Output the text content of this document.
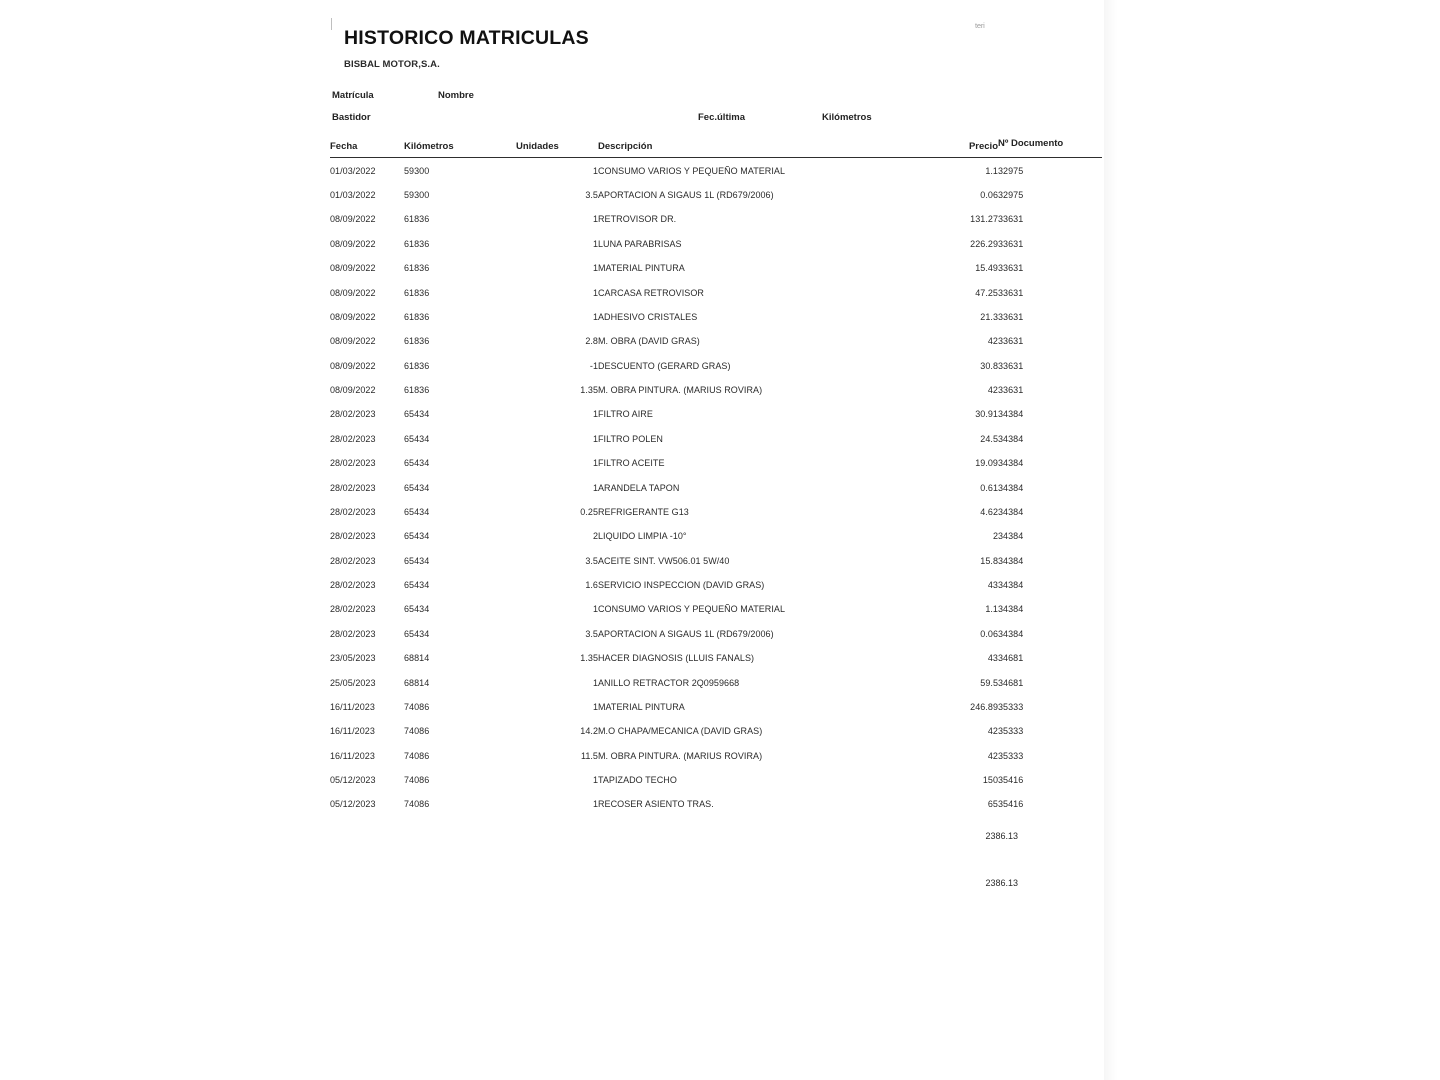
teri
HISTORICO MATRICULAS
BISBAL MOTOR,S.A.
Matrícula	Nombre
Bastidor	Fec.última	Kilómetros
Fecha	Kilómetros	Unidades	Descripción	Precio	Nº Documento
01/03/2022	59300	1	CONSUMO VARIOS Y PEQUEÑO MATERIAL	1.1	32975
01/03/2022	59300	3.5	APORTACION A SIGAUS 1L (RD679/2006)	0.06	32975
08/09/2022	61836	1	RETROVISOR DR.	131.27	33631
08/09/2022	61836	1	LUNA PARABRISAS	226.29	33631
08/09/2022	61836	1	MATERIAL PINTURA	15.49	33631
08/09/2022	61836	1	CARCASA RETROVISOR	47.25	33631
08/09/2022	61836	1	ADHESIVO CRISTALES	21.3	33631
08/09/2022	61836	2.8	M. OBRA (DAVID GRAS)	42	33631
08/09/2022	61836	-1	DESCUENTO (GERARD GRAS)	30.8	33631
08/09/2022	61836	1.35	M. OBRA PINTURA. (MARIUS ROVIRA)	42	33631
28/02/2023	65434	1	FILTRO AIRE	30.91	34384
28/02/2023	65434	1	FILTRO POLEN	24.5	34384
28/02/2023	65434	1	FILTRO ACEITE	19.09	34384
28/02/2023	65434	1	ARANDELA TAPON	0.61	34384
28/02/2023	65434	0.25	REFRIGERANTE G13	4.62	34384
28/02/2023	65434	2	LIQUIDO LIMPIA -10°	2	34384
28/02/2023	65434	3.5	ACEITE SINT. VW506.01 5W/40	15.8	34384
28/02/2023	65434	1.6	SERVICIO INSPECCION (DAVID GRAS)	43	34384
28/02/2023	65434	1	CONSUMO VARIOS Y PEQUEÑO MATERIAL	1.1	34384
28/02/2023	65434	3.5	APORTACION A SIGAUS 1L (RD679/2006)	0.06	34384
23/05/2023	68814	1.35	HACER DIAGNOSIS (LLUIS FANALS)	43	34681
25/05/2023	68814	1	ANILLO RETRACTOR 2Q0959668	59.5	34681
16/11/2023	74086	1	MATERIAL PINTURA	246.89	35333
16/11/2023	74086	14.2	M.O CHAPA/MECANICA (DAVID GRAS)	42	35333
16/11/2023	74086	11.5	M. OBRA PINTURA. (MARIUS ROVIRA)	42	35333
05/12/2023	74086	1	TAPIZADO TECHO	150	35416
05/12/2023	74086	1	RECOSER ASIENTO TRAS.	65	35416
2386.13
2386.13
